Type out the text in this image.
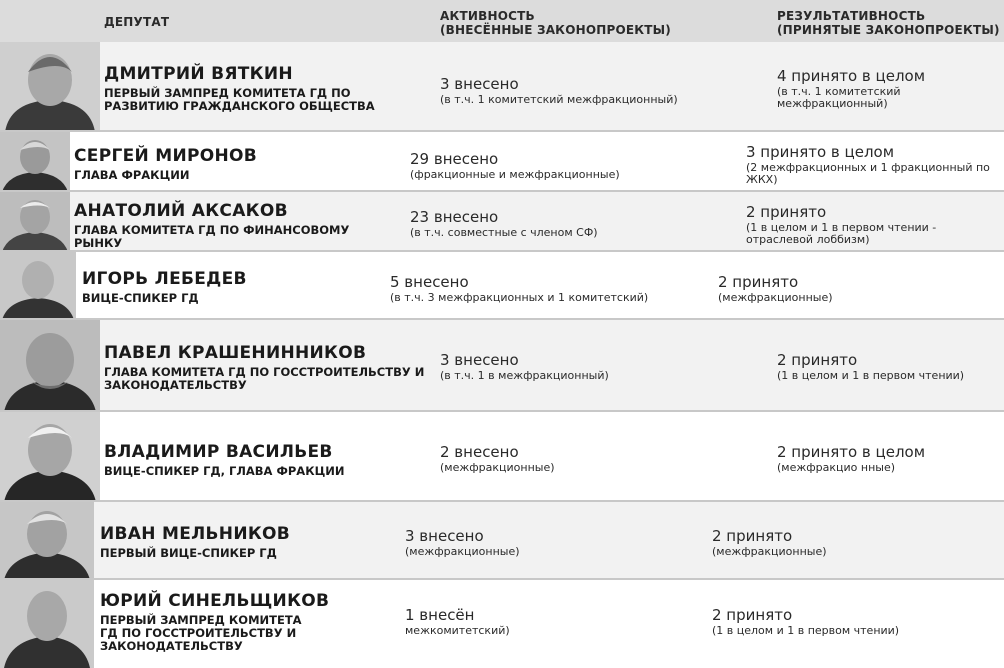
ДЕПУТАТ	АКТИВНОСТЬ
(ВНЕСЁННЫЕ ЗАКОНОПРОЕКТЫ)
РЕЗУЛЬТАТИВНОСТЬ
(ПРИНЯТЫЕ ЗАКОНОПРОЕКТЫ)
ДМИТРИЙ ВЯТКИН
ПЕРВЫЙ ЗАМПРЕД КОМИТЕТА ГД ПО
РАЗВИТИЮ ГРАЖДАНСКОГО ОБЩЕСТВА
3 внесено
(в т.ч. 1 комитетский межфракционный)
4 принято в целом
(в т.ч. 1 комитетский
межфракционный)
СЕРГЕЙ МИРОНОВ
ГЛАВА ФРАКЦИИ
29 внесено
(фракционные и межфракционные)
3 принято в целом
(2 межфракционных и 1 фракционный по
ЖКХ)
АНАТОЛИЙ АКСАКОВ
ГЛАВА КОМИТЕТА ГД ПО ФИНАНСОВОМУ
РЫНКУ
23 внесено
(в т.ч. совместные с членом СФ)
2 принято
(1 в целом и 1 в первом чтении -
отраслевой лоббизм)
ИГОРЬ ЛЕБЕДЕВ
ВИЦЕ-СПИКЕР ГД
5 внесено
(в т.ч. 3 межфракционных и 1 комитетский)
2 принято
(межфракционные)
ПАВЕЛ КРАШЕНИННИКОВ
ГЛАВА КОМИТЕТА ГД ПО ГОССТРОИТЕЛЬСТВУ И
ЗАКОНОДАТЕЛЬСТВУ
3 внесено
(в т.ч. 1 в межфракционный)
2 принято
(1 в целом и 1 в первом чтении)
ВЛАДИМИР ВАСИЛЬЕВ
ВИЦЕ-СПИКЕР ГД, ГЛАВА ФРАКЦИИ
2 внесено
(межфракционные)
2 принято в целом
(межфракцио нные)
ИВАН МЕЛЬНИКОВ
ПЕРВЫЙ ВИЦЕ-СПИКЕР ГД
3 внесено
(межфракционные)
2 принято
(межфракционные)
ЮРИЙ СИНЕЛЬЩИКОВ
ПЕРВЫЙ ЗАМПРЕД КОМИТЕТА
ГД ПО ГОССТРОИТЕЛЬСТВУ И
ЗАКОНОДАТЕЛЬСТВУ
1 внесён
межкомитетский)
2 принято
(1 в целом и 1 в первом чтении)
